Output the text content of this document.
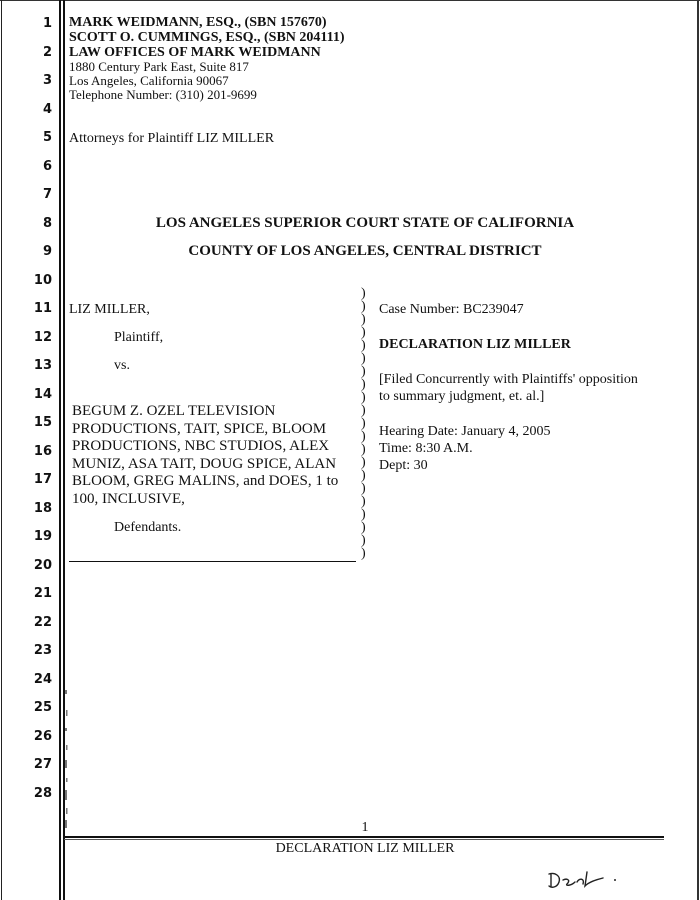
1
2
3
4
5
6
7
8
9
10
11
12
13
14
15
16
17
18
19
20
21
22
23
24
25
26
27
28
MARK WEIDMANN, ESQ., (SBN 157670)
SCOTT O. CUMMINGS, ESQ., (SBN 204111)
LAW OFFICES OF MARK WEIDMANN
1880 Century Park East, Suite 817
Los Angeles, California 90067
Telephone Number: (310) 201-9699
Attorneys for Plaintiff LIZ MILLER
LOS ANGELES SUPERIOR COURT STATE OF CALIFORNIA
COUNTY OF LOS ANGELES, CENTRAL DISTRICT
LIZ MILLER,
Plaintiff,
vs.
BEGUM Z. OZEL TELEVISION
PRODUCTIONS, TAIT, SPICE, BLOOM
PRODUCTIONS, NBC STUDIOS, ALEX
MUNIZ, ASA TAIT, DOUG SPICE, ALAN
BLOOM, GREG MALINS, and DOES, 1 to
100, INCLUSIVE,
Defendants.
)
)
)
)
)
)
)
)
)
)
)
)
)
)
)
)
)
)
)
)
)
Case Number: BC239047
DECLARATION LIZ MILLER
[Filed Concurrently with Plaintiffs' opposition
to summary judgment, et. al.]
Hearing Date: January 4, 2005
Time: 8:30 A.M.
Dept: 30
1
DECLARATION LIZ MILLER
